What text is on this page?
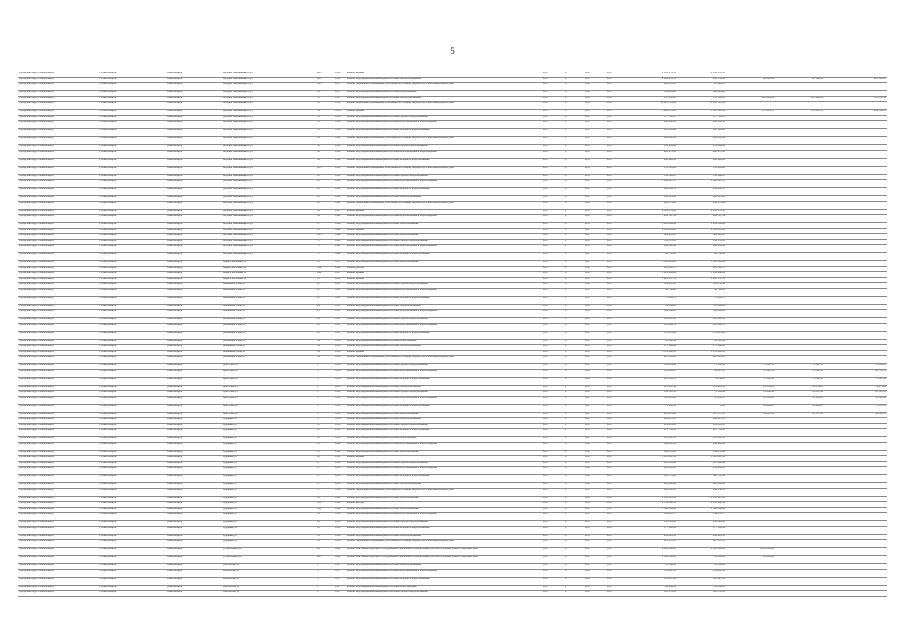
5
Городской округ Новосибирск	г. Новосибирск	Новосибирск	Богдана Хмельницкого ул	26/1	1959	Ремонт крыши	2017	0	2017	2017	2 502 278,13	2 502 278,13			
Городской округ Новосибирск	г. Новосибирск	Новосибирск	Богдана Хмельницкого ул	26/1	1959	Ремонт внутридомовой инженерной системы электроснабжения	2017	0	2017	2017	1 049 476,79	649 733,98	98 222,99	98 149,99	203 342,23
Городской округ Новосибирск	г. Новосибирск	Новосибирск	Богдана Хмельницкого ул	29/1	1957	Ремонт подвальных помещений, относящихся к общему имуществу в многоквартирном доме	2017	0	2017	2017	682 005,21	311 299,11			
Городской округ Новосибирск	г. Новосибирск	Новосибирск	Богдана Хмельницкого ул	31	1957	Ремонт внутридомовой инженерной системы водоотведения	2017	0	2017	2017	364 924,98	364 924,98			
Городской округ Новосибирск	г. Новосибирск	Новосибирск	Богдана Хмельницкого ул	31	1957	Ремонт внутридомовой инженерной системы электроснабжения	2017	0	2017	2017	957 931,67	753 728,21	203 993,64	203 960,64	181 351,56
Городской округ Новосибирск	г. Новосибирск	Новосибирск	Богдана Хмельницкого ул	32	1958	Ремонт подвальных помещений, относящихся к общему имуществу в многоквартирном доме	2017	0	2017	2017	10 205 723,58	10 205 723,58			
Городской округ Новосибирск	г. Новосибирск	Новосибирск	Богдана Хмельницкого ул	34	1958	Ремонт крыши	2017	0	2017	2017	1 469 213,00	1 329 522,39	157 665,78	131 663,78	214 368,33
Городской округ Новосибирск	г. Новосибирск	Новосибирск	Богдана Хмельницкого ул	35	1958	Ремонт внутридомовой инженерной системы горячего водоснабжения	2017	0	2017	2017	377 791,07	377 791,07			
Городской округ Новосибирск	г. Новосибирск	Новосибирск	Богдана Хмельницкого ул	35	1958	Ремонт внутридомовой инженерной системы водоснабжения и водоотведения	2017	0	2017	2017	290 206,56	290 206,56			
Городской округ Новосибирск	г. Новосибирск	Новосибирск	Богдана Хмельницкого ул	35	1958	Ремонт внутридомовой инженерной системы холодного водоснабжения	2017	0	2017	2017	363 196,64	363 196,64			
Городской округ Новосибирск	г. Новосибирск	Новосибирск	Богдана Хмельницкого ул	36	1959	Ремонт подвальных помещений, относящихся к общему имуществу в многоквартирном доме	2017	0	2017	2017	899 081,96	899 081,96			
Городской округ Новосибирск	г. Новосибирск	Новосибирск	Богдана Хмельницкого ул	38	1954	Ремонт внутридомовой инженерной системы горячего водоснабжения	2017	0	2017	2017	214 249,89	214 249,89			
Городской округ Новосибирск	г. Новосибирск	Новосибирск	Богдана Хмельницкого ул	38	1954	Ремонт внутридомовой инженерной системы водоснабжения и водоотведения	2017	0	2017	2017	428 475,38	428 475,38			
Городской округ Новосибирск	г. Новосибирск	Новосибирск	Богдана Хмельницкого ул	38	1954	Ремонт внутридомовой инженерной системы холодного водоснабжения	2017	0	2017	2017	280 940,41	280 940,41			
Городской округ Новосибирск	г. Новосибирск	Новосибирск	Богдана Хмельницкого ул	41/1	1952	Ремонт подвальных помещений, относящихся к общему имуществу в многоквартирном доме	2017	0	2017	2017	331 983,88	331 983,88			
Городской округ Новосибирск	г. Новосибирск	Новосибирск	Богдана Хмельницкого ул	43	1952	Ремонт внутридомовой инженерной системы горячего водоснабжения	2017	0	2017	2017	136 346,97	136 346,97			
Городской округ Новосибирск	г. Новосибирск	Новосибирск	Богдана Хмельницкого ул	43	1952	Ремонт внутридомовой инженерной системы водоснабжения и водоотведения	2017	0	2017	2017	1 890 021,51	1 890 021,51			
Городской округ Новосибирск	г. Новосибирск	Новосибирск	Богдана Хмельницкого ул	43	1952	Ремонт внутридомовой инженерной системы холодного водоснабжения	2017	0	2017	2017	456 060,76	456 060,76			
Городской округ Новосибирск	г. Новосибирск	Новосибирск	Богдана Хмельницкого ул	43	1952	Ремонт внутридомовой инженерной системы электроснабжения	2017	0	2017	2017	658 213,89	658 213,89			
Городской округ Новосибирск	г. Новосибирск	Новосибирск	Богдана Хмельницкого ул	45	1952	Ремонт подвальных помещений, относящихся к общему имуществу в многоквартирном доме	2017	0	2017	2017	436 273,08	436 273,08			
Городской округ Новосибирск	г. Новосибирск	Новосибирск	Богдана Хмельницкого ул	50	1957	Ремонт крыши	2017	0	2017	2017	6 120 278,10	6 120 278,10			
Городской округ Новосибирск	г. Новосибирск	Новосибирск	Богдана Хмельницкого ул	54	1962	Ремонт внутридомовой инженерной системы водоснабжения и водоотведения	2017	0	2017	2017	269 747,54	269 747,54			
Городской округ Новосибирск	г. Новосибирск	Новосибирск	Богдана Хмельницкого ул	57	1962	Ремонт внутридомовой инженерной системы теплоснабжения	2017	0	2017	2017	1 018 088,89	1 018 088,89			
Городской округ Новосибирск	г. Новосибирск	Новосибирск	Богдана Хмельницкого ул	63	1962	Ремонт крыши	2017	0	2017	2017	4 104 693,88	4 104 693,88			
Городской округ Новосибирск	г. Новосибирск	Новосибирск	Богдана Хмельницкого ул	65/1	1962	Ремонт внутридомовой инженерной системы теплоснабжения	2017	0	2017	2017	809 911,83	809 911,83			
Городской округ Новосибирск	г. Новосибирск	Новосибирск	Богдана Хмельницкого ул	73	1962	Ремонт внутридомовой инженерной системы горячего водоснабжения	2017	0	2017	2017	134 170,91	134 170,91			
Городской округ Новосибирск	г. Новосибирск	Новосибирск	Богдана Хмельницкого ул	73	1962	Ремонт внутридомовой инженерной системы водоснабжения и водоотведения	2017	0	2017	2017	240 802,98	240 802,98			
Городской округ Новосибирск	г. Новосибирск	Новосибирск	Богдана Хмельницкого ул	73	1962	Ремонт внутридомовой инженерной системы холодного водоснабжения	2017	0	2017	2017	64 738,36	64 738,36			
Городской округ Новосибирск	г. Новосибирск	Новосибирск	Бориса Богаткова ул	18	1955	Ремонт внутридомовой инженерной системы теплоснабжения	2017	0	2017	2017	3 526 916,09	3 526 916,09			
Городской округ Новосибирск	г. Новосибирск	Новосибирск	Бориса Богаткова ул	189	1962	Ремонт фасада	2017	0	2017	2017	919 591,73	919 591,73			
Городской округ Новосибирск	г. Новосибирск	Новосибирск	Бориса Богаткова ул	246	1957	Ремонт крыши	2017	0	2017	2017	1 816 406,09	1 816 406,09			
Городской округ Новосибирск	г. Новосибирск	Новосибирск	Бориса Богаткова ул	15	1958	Ремонт крыши	2017	0	2017	2017	1 941 137,72	1 941 137,72			
Городской округ Новосибирск	г. Новосибирск	Новосибирск	Большевистская ул	23	1951	Ремонт внутридомовой инженерной системы горячего водоснабжения	2017	0	2017	2017	164 458,36	164 458,36			
Городской округ Новосибирск	г. Новосибирск	Новосибирск	Большевистская ул	23	1951	Ремонт внутридомовой инженерной системы водоснабжения и водоотведения	2017	0	2017	2017	94 706,66	94 706,66			
Городской округ Новосибирск	г. Новосибирск	Новосибирск	Большевистская ул	23	1951	Ремонт внутридомовой инженерной системы холодного водоснабжения	2017	0	2017	2017	72 296,79	72 296,79			
Городской округ Новосибирск	г. Новосибирск	Новосибирск	Большевистская ул	24	1951	Ремонт внутридомовой инженерной системы электроснабжения	2017	0	2017	2017	91 209,02	91 209,02			
Городской округ Новосибирск	г. Новосибирск	Новосибирск	Большевистская ул	25	1951	Ремонт внутридомовой инженерной системы водоснабжения и водоотведения	2017	0	2017	2017	109 286,61	109 286,61			
Городской округ Новосибирск	г. Новосибирск	Новосибирск	Большевистская ул	28	1951	Ремонт внутридомовой инженерной системы горячего водоснабжения	2017	0	2017	2017	183 063,36	183 063,36			
Городской округ Новосибирск	г. Новосибирск	Новосибирск	Большевистская ул	28	1951	Ремонт внутридомовой инженерной системы водоснабжения и водоотведения	2017	0	2017	2017	163 696,79	163 696,79			
Городской округ Новосибирск	г. Новосибирск	Новосибирск	Большевистская ул	28	1951	Ремонт внутридомовой инженерной системы холодного водоснабжения	2017	0	2017	2017	111 613,86	111 613,86			
Городской округ Новосибирск	г. Новосибирск	Новосибирск	Большевистская ул	34	1959	Ремонт внутридомовой инженерной системы водоотведения	2017	0	2017	2017	92 102,44	92 102,44			
Городской округ Новосибирск	г. Новосибирск	Новосибирск	Большевистская ул	34	1959	Ремонт внутридомовой инженерной системы электроснабжения	2017	0	2017	2017	577 966,90	577 966,90			
Городской округ Новосибирск	г. Новосибирск	Новосибирск	Большевистская ул	34	1959	Ремонт крыши	2017	0	2017	2017	3 576 042,91	3 576 042,91			
Городской округ Новосибирск	г. Новосибирск	Новосибирск	Большевистская ул	34	1959	Ремонт подвальных помещений, относящихся к общему имуществу в многоквартирном доме	2017	0	2017	2017	407 043,85	407 043,85			
Городской округ Новосибирск	г. Новосибирск	Новосибирск	Брестская ул	1	1958	Ремонт внутридомовой инженерной системы горячего водоснабжения	2017	0	2017	2017	116 634,98	73 180,96	9 341,35	9 341,35	13 028,03
Городской округ Новосибирск	г. Новосибирск	Новосибирск	Брестская ул	1	1958	Ремонт внутридомовой инженерной системы водоснабжения и водоотведения	2017	0	2017	2017	152 490,61	96 047,03	15 322,38	15 322,38	40 731,73
Городской округ Новосибирск	г. Новосибирск	Новосибирск	Брестская ул	1	1958	Ремонт внутридомовой инженерной системы холодного водоснабжения	2017	0	2017	2017	203 316,76	6 038,05	17 860,38	17 860,38	71 267,96
Городской округ Новосибирск	г. Новосибирск	Новосибирск	Брестская ул	1	1958	Ремонт внутридомовой инженерной системы электроснабжения	2017	0	2017	2017	215 931,14	112 403,32	23 833,03	23 833,03	31 973,08
Городской округ Новосибирск	г. Новосибирск	Новосибирск	Брестская ул	3	1959	Ремонт внутридомовой инженерной системы горячего водоснабжения	2017	0	2017	2017	119 312,38	8 109,96	12 609,96	20 087,96	81 121,12
Городской округ Новосибирск	г. Новосибирск	Новосибирск	Брестская ул	3	1959	Ремонт внутридомовой инженерной системы водоснабжения и водоотведения	2017	0	2017	2017	102 905,90	67 459,78	10 183,83	10 183,83	30 241,90
Городской округ Новосибирск	г. Новосибирск	Новосибирск	Брестская ул	3	1959	Ремонт внутридомовой инженерной системы холодного водоснабжения	2017	0	2017	2017	79 956,39	0,00	29 496,65	29 496,65	71 213,11
Городской округ Новосибирск	г. Новосибирск	Новосибирск	Брестская ул	3	1959	Ремонт внутридомовой инженерной системы теплоснабжения	2017	0	2017	2017	225 893,42	125 571,32	24 887,45	18 557,45	49 308,11
Городской округ Новосибирск	г. Новосибирск	Новосибирск	Бурденко ул	1	1958	Ремонт внутридомовой инженерной системы электроснабжения	2017	0	2017	2017	262 615,31	262 615,31			
Городской округ Новосибирск	г. Новосибирск	Новосибирск	Бурденко ул	12	1958	Ремонт внутридомовой инженерной системы горячего водоснабжения	2017	0	2017	2017	214 003,05	214 003,05			
Городской округ Новосибирск	г. Новосибирск	Новосибирск	Бурденко ул	12	1958	Ремонт внутридомовой инженерной системы холодного водоснабжения	2017	0	2017	2017	227 734,52	227 734,52			
Городской округ Новосибирск	г. Новосибирск	Новосибирск	Бурденко ул	12	1958	Ремонт внутридомовой инженерной системы водоотведения	2017	0	2017	2017	125 061,13	125 061,13			
Городской округ Новосибирск	г. Новосибирск	Новосибирск	Бурденко ул	15	1960	Ремонт внутридомовой инженерной системы водоснабжения и водоотведения	2017	0	2017	2017	249 481,42	249 481,42			
Городской округ Новосибирск	г. Новосибирск	Новосибирск	Бурденко ул	15	1960	Ремонт внутридомовой инженерной системы теплоснабжения	2017	0	2017	2017	144 678,66	144 678,66			
Городской округ Новосибирск	г. Новосибирск	Новосибирск	Бурденко ул	16	1956	Ремонт крыши	2017	0	2017	2017	1 120 691,19	1 120 691,19			
Городской округ Новосибирск	г. Новосибирск	Новосибирск	Бурденко ул	17	1958	Ремонт внутридомовой инженерной системы горячего водоснабжения	2017	0	2017	2017	225 863,66	225 863,66			
Городской округ Новосибирск	г. Новосибирск	Новосибирск	Бурденко ул	17	1958	Ремонт внутридомовой инженерной системы водоснабжения и водоотведения	2017	0	2017	2017	214 090,22	214 090,22			
Городской округ Новосибирск	г. Новосибирск	Новосибирск	Бурденко ул	17	1958	Ремонт внутридомовой инженерной системы холодного водоснабжения	2017	0	2017	2017	100 778,18	100 778,18			
Городской округ Новосибирск	г. Новосибирск	Новосибирск	Бурденко ул	17	1958	Ремонт внутридомовой инженерной системы электроснабжения	2017	0	2017	2017	609 960,69	609 960,69			
Городской округ Новосибирск	г. Новосибирск	Новосибирск	Бурденко ул	17	1958	Ремонт подвальных помещений, относящихся к общему имуществу в многоквартирном доме	2017	0	2017	2017	296 932,95	296 932,95			
Городской округ Новосибирск	г. Новосибирск	Новосибирск	Бурденко ул	18	1960	Ремонт внутридомовой инженерной системы теплоснабжения	2017	0	2017	2017	1 195 223,38	1 195 223,38			
Городской округ Новосибирск	г. Новосибирск	Новосибирск	Бурденко ул	18а	1960	Ремонт фасада	2017	0	2017	2017	2 552 082,34	2 552 082,34			
Городской округ Новосибирск	г. Новосибирск	Новосибирск	Бурденко ул	18а	1960	Ремонт внутридомовой инженерной системы теплоснабжения	2017	0	2017	2017	1 348 569,48	1 348 569,48			
Городской округ Новосибирск	г. Новосибирск	Новосибирск	Бурденко ул	19	1958	Ремонт внутридомовой инженерной системы водоснабжения и водоотведения	2017	0	2017	2017	394 470,77	394 470,77			
Городской округ Новосибирск	г. Новосибирск	Новосибирск	Бурденко ул	19	1958	Ремонт внутридомовой инженерной системы горячего водоснабжения	2017	0	2017	2017	345 029,20	345 029,20			
Городской округ Новосибирск	г. Новосибирск	Новосибирск	Бурденко ул	19	1958	Ремонт внутридомовой инженерной системы холодного водоснабжения	2017	0	2017	2017	177 198,19	177 198,19			
Городской округ Новосибирск	г. Новосибирск	Новосибирск	Бурденко ул	19	1958	Ремонт внутридомовой инженерной системы электроснабжения	2017	0	2017	2017	916 993,35	916 993,35			
Городской округ Новосибирск	г. Новосибирск	Новосибирск	Бурденко ул	19	1958	Ремонт подвальных помещений, относящихся к общему имуществу в многоквартирном доме	2017	0	2017	2017	867 978,11	867 978,11			
Городской округ Новосибирск	г. Новосибирск	Новосибирск	В. Высоцкого ул	40	1986	Ремонт или замена лифтового оборудования, признанного непригодным для эксплуатации, ремонт лифтовых шахт	2017	0	2017	2017	4 650 000,00	2 325 000,00	2 325 000,00		
Городской округ Новосибирск	г. Новосибирск	Новосибирск	В. Высоцкого ул	40/1	1986	Ремонт или замена лифтового оборудования, признанного непригодным для эксплуатации, ремонт лифтовых шахт	2017	0	2017	2017	2 300 000,00	750 000,00	750 000,00		
Городской округ Новосибирск	г. Новосибирск	Новосибирск	Вахтангова ул	1	1957	Ремонт внутридомовой инженерной системы электроснабжения	2017	0	2017	2017	16 389,04	16 389,04			
Городской округ Новосибирск	г. Новосибирск	Новосибирск	Вахтангова ул	1	1957	Ремонт внутридомовой инженерной системы водоснабжения и водоотведения	2017	0	2017	2017	314 981,18	314 981,18			
Городской округ Новосибирск	г. Новосибирск	Новосибирск	Вахтангова ул	1	1957	Ремонт внутридомовой инженерной системы холодного водоснабжения	2017	0	2017	2017	123 627,00	123 627,00			
Городской округ Новосибирск	г. Новосибирск	Новосибирск	Вахтангова ул	1	1957	Ремонт внутридомовой инженерной системы водоотведения	2017	0	2017	2017	80 289,21	80 289,21			
Городской округ Новосибирск	г. Новосибирск	Новосибирск	Вахтангова ул	5	1957	Ремонт внутридомовой инженерной системы горячего водоснабжения	2017	0	2017	2017	565 376,91	565 376,91			
